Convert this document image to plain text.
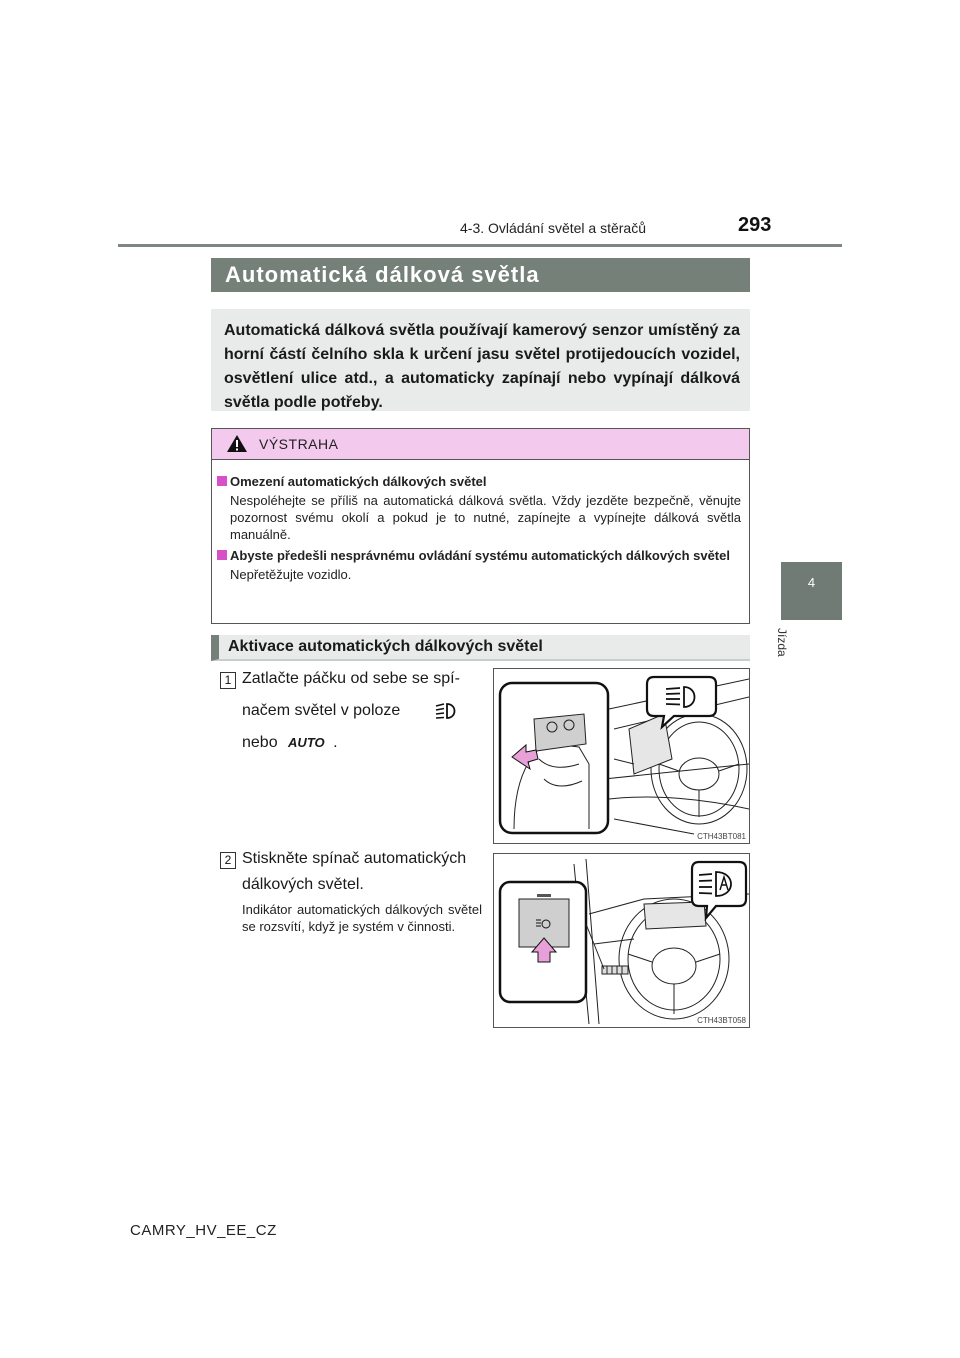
4-3. Ovládání světel a stěračů	293
4
Jízda
Automatická dálková světla
Automatická dálková světla používají kamerový senzor umístěný za horní částí čelního skla k určení jasu světel protijedoucích vozidel, osvětlení ulice atd., a automaticky zapínají nebo vypínají dálková světla podle potřeby.
VÝSTRAHA
Omezení automatických dálkových světel
Nespoléhejte se příliš na automatická dálková světla. Vždy jezděte bezpečně, věnujte pozornost svému okolí a pokud je to nutné, zapínejte a vypínejte dálková světla manuálně.
Abyste předešli nesprávnému ovládání systému automatických dálkových světel
Nepřetěžujte vozidlo.
Aktivace automatických dálkových světel
1 Zatlačte páčku od sebe se spí-
načem světel v poloze
nebo AUTO .
CTH43BT081
2 Stiskněte spínač automatických
dálkových světel.
Indikátor automatických dálkových světel se rozsvítí, když je systém v činnosti.
CTH43BT058
CAMRY_HV_EE_CZ
